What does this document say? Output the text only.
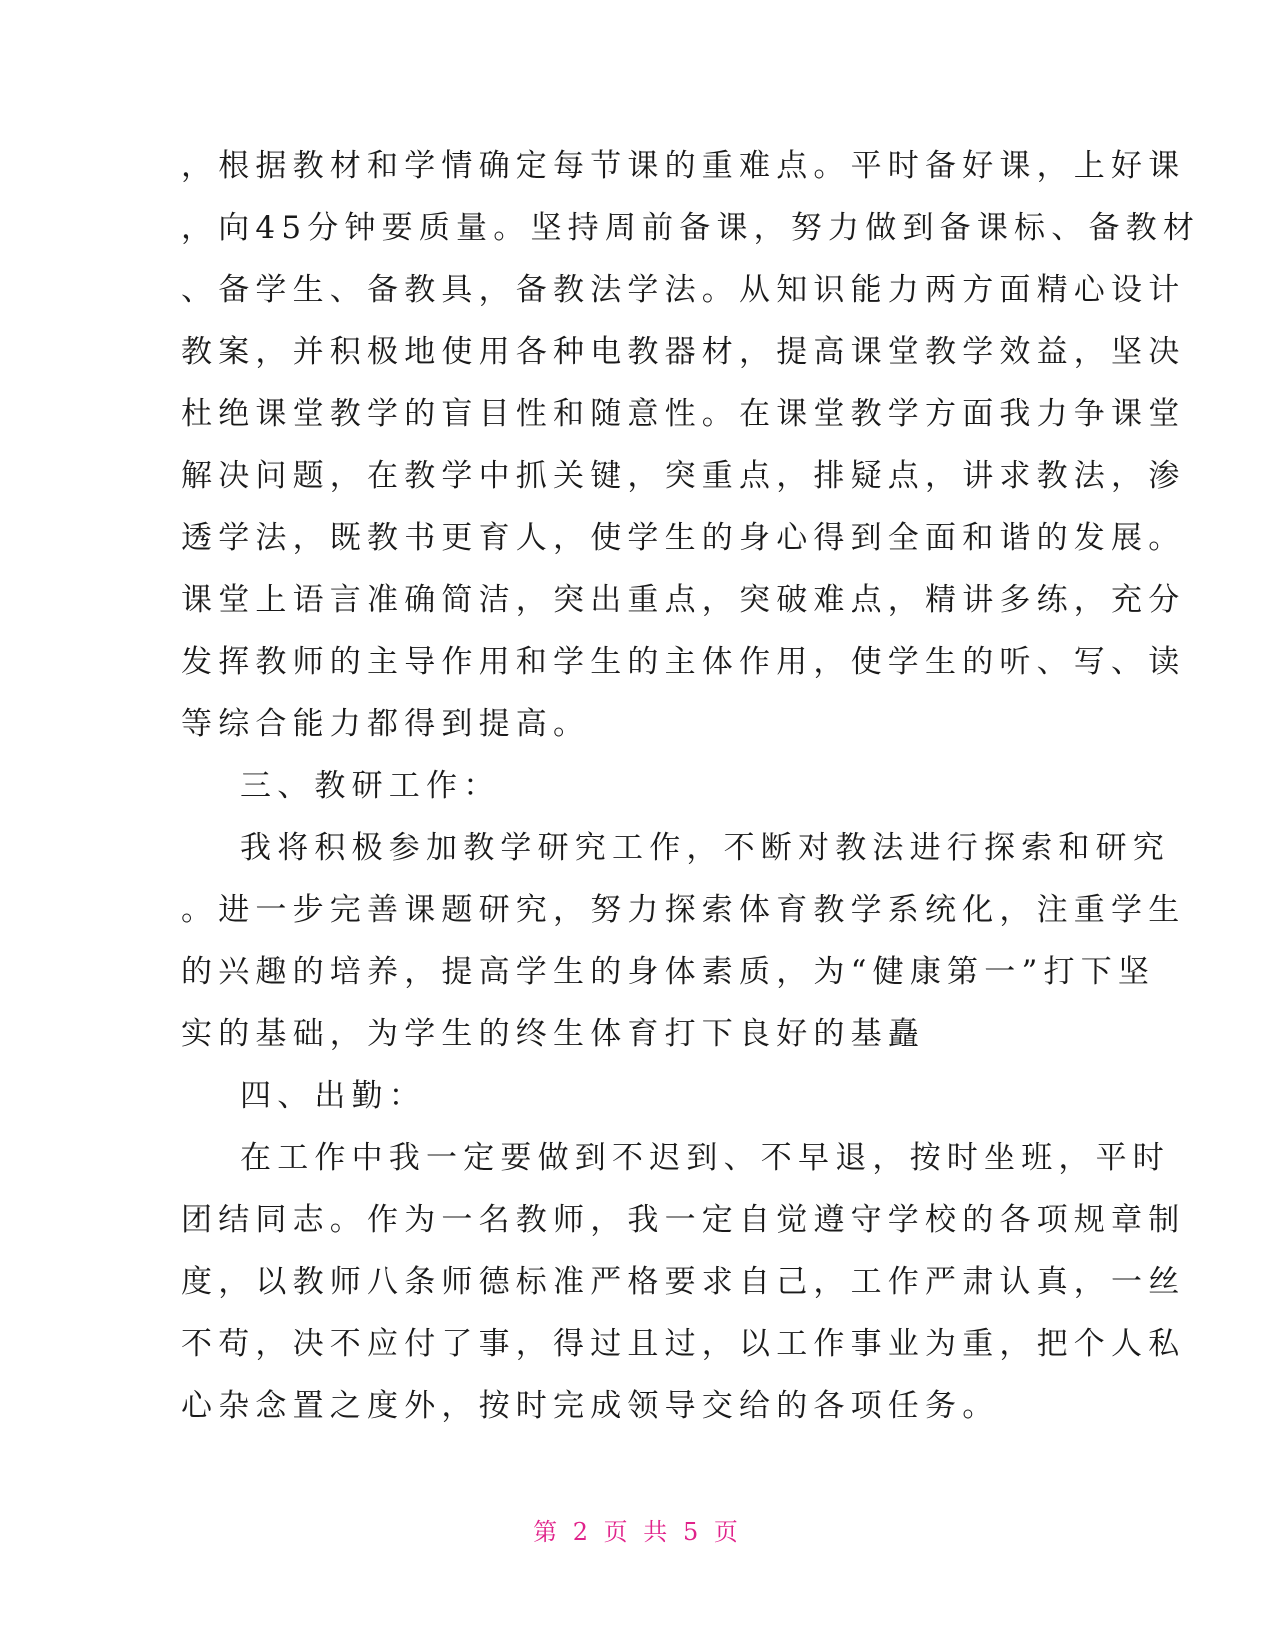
，根据教材和学情确定每节课的重难点。平时备好课，上好课
，向45分钟要质量。坚持周前备课，努力做到备课标、备教材
、备学生、备教具，备教法学法。从知识能力两方面精心设计
教案，并积极地使用各种电教器材，提高课堂教学效益，坚决
杜绝课堂教学的盲目性和随意性。在课堂教学方面我力争课堂
解决问题，在教学中抓关键，突重点，排疑点，讲求教法，渗
透学法，既教书更育人，使学生的身心得到全面和谐的发展。
课堂上语言准确简洁，突出重点，突破难点，精讲多练，充分
发挥教师的主导作用和学生的主体作用，使学生的听、写、读
等综合能力都得到提高。
三、教研工作：
我将积极参加教学研究工作，不断对教法进行探索和研究
。进一步完善课题研究，努力探索体育教学系统化，注重学生
的兴趣的培养，提高学生的身体素质，为“健康第一”打下坚
实的基础，为学生的终生体育打下良好的基矗
四、出勤：
在工作中我一定要做到不迟到、不早退，按时坐班，平时
团结同志。作为一名教师，我一定自觉遵守学校的各项规章制
度，以教师八条师德标准严格要求自己，工作严肃认真，一丝
不苟，决不应付了事，得过且过，以工作事业为重，把个人私
心杂念置之度外，按时完成领导交给的各项任务。
第 2 页 共 5 页
